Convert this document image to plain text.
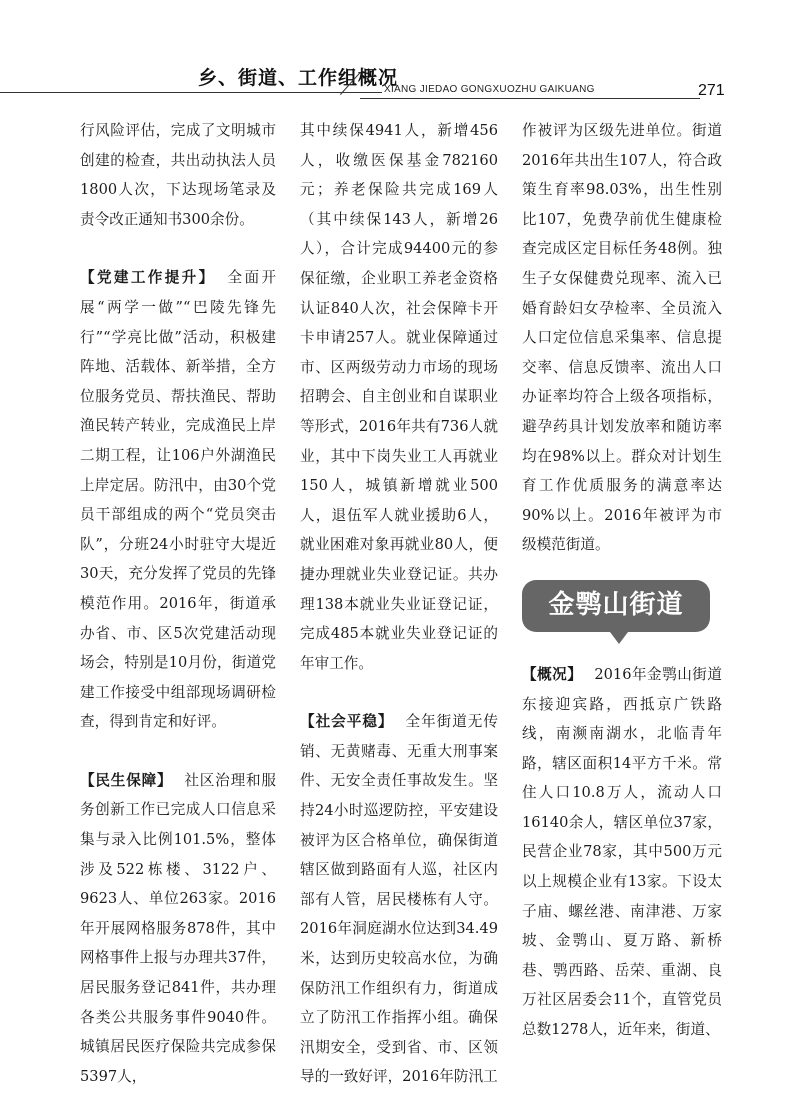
乡、街道、工作组概况
XIANG JIEDAO GONGXUOZHU GAIKUANG	271

行风险评估，完成了文明城市创建的检查，共出动执法人员1800人次，下达现场笔录及责令改正通知书300余份。

【党建工作提升】 全面开展“两学一做”“巴陵先锋先行”“学亮比做”活动，积极建阵地、活载体、新举措，全方位服务党员、帮扶渔民、帮助渔民转产转业，完成渔民上岸二期工程，让106户外湖渔民上岸定居。防汛中，由30个党员干部组成的两个“党员突击队”，分班24小时驻守大堤近30天，充分发挥了党员的先锋模范作用。2016年，街道承办省、市、区5次党建活动现场会，特别是10月份，街道党建工作接受中组部现场调研检查，得到肯定和好评。

【民生保障】 社区治理和服务创新工作已完成人口信息采集与录入比例101.5%，整体涉及522栋楼、3122户、9623人、单位263家。2016年开展网格服务878件，其中网格事件上报与办理共37件，居民服务登记841件，共办理各类公共服务事件9040件。城镇居民医疗保险共完成参保5397人，

其中续保4941人，新增456人，收缴医保基金782160元；养老保险共完成169人（其中续保143人，新增26人），合计完成94400元的参保征缴，企业职工养老金资格认证840人次，社会保障卡开卡申请257人。就业保障通过市、区两级劳动力市场的现场招聘会、自主创业和自谋职业等形式，2016年共有736人就业，其中下岗失业工人再就业150人，城镇新增就业500人，退伍军人就业援助6人，就业困难对象再就业80人，便捷办理就业失业登记证。共办理138本就业失业证登记证，完成485本就业失业登记证的年审工作。

【社会平稳】 全年街道无传销、无黄赌毒、无重大刑事案件、无安全责任事故发生。坚持24小时巡逻防控，平安建设被评为区合格单位，确保街道辖区做到路面有人巡，社区内部有人管，居民楼栋有人守。2016年洞庭湖水位达到34.49米，达到历史较高水位，为确保防汛工作组织有力，街道成立了防汛工作指挥小组。确保汛期安全，受到省、市、区领导的一致好评，2016年防汛工

作被评为区级先进单位。街道2016年共出生107人，符合政策生育率98.03%，出生性别比107，免费孕前优生健康检查完成区定目标任务48例。独生子女保健费兑现率、流入已婚育龄妇女孕检率、全员流入人口定位信息采集率、信息提交率、信息反馈率、流出人口办证率均符合上级各项指标，避孕药具计划发放率和随访率均在98%以上。群众对计划生育工作优质服务的满意率达90%以上。2016年被评为市级模范街道。

金鹗山街道

【概况】 2016年金鹗山街道东接迎宾路，西抵京广铁路线，南濒南湖水，北临青年路，辖区面积14平方千米。常住人口10.8万人，流动人口16140余人，辖区单位37家，民营企业78家，其中500万元以上规模企业有13家。下设太子庙、螺丝港、南津港、万家坡、金鹗山、夏万路、新桥巷、鹗西路、岳荣、重湖、良万社区居委会11个，直管党员总数1278人，近年来，街道、
